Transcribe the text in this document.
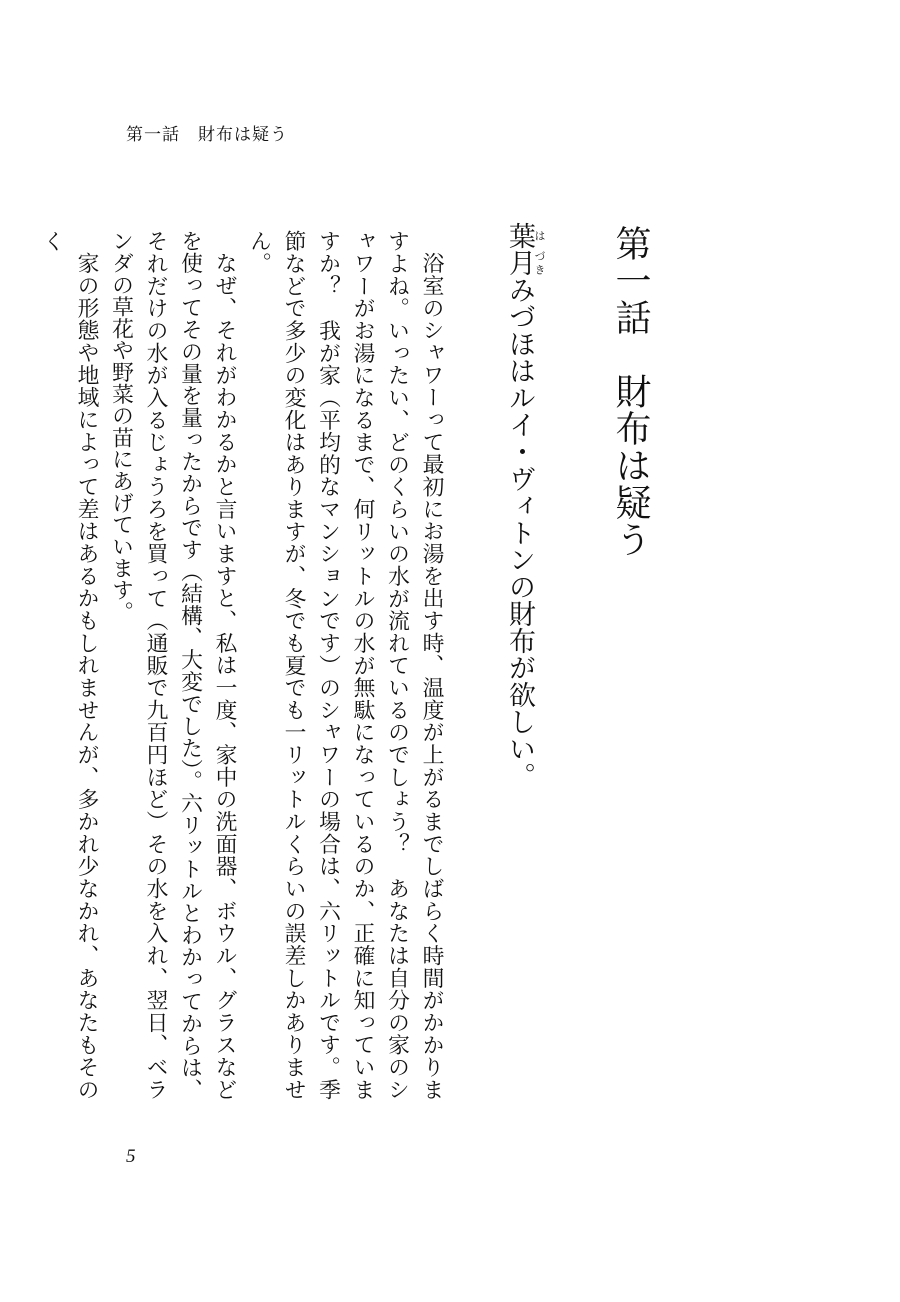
第一話　財布は疑う
第一話　財布は疑う
葉は月づきみづほはルイ・ヴィトンの財布が欲しい。

浴室のシャワーって最初にお湯を出す時、温度が上がるまでしばらく時間がかかりますよね。いったい、どのくらいの水が流れているのでしょう？　あなたは自分の家のシャワーがお湯になるまで、何リットルの水が無駄になっているのか、正確に知っていますか？　我が家（平均的なマンションです）のシャワーの場合は、六リットルです。季節などで多少の変化はありますが、冬でも夏でも一リットルくらいの誤差しかありません。

なぜ、それがわかるかと言いますと、私は一度、家中の洗面器、ボウル、グラスなどを使ってその量を量ったからです（結構、大変でした）。六リットルとわかってからは、それだけの水が入るじょうろを買って（通販で九百円ほど）その水を入れ、翌日、ベランダの草花や野菜の苗にあげています。

家の形態や地域によって差はあるかもしれませんが、多かれ少なかれ、あなたもそのく

5
